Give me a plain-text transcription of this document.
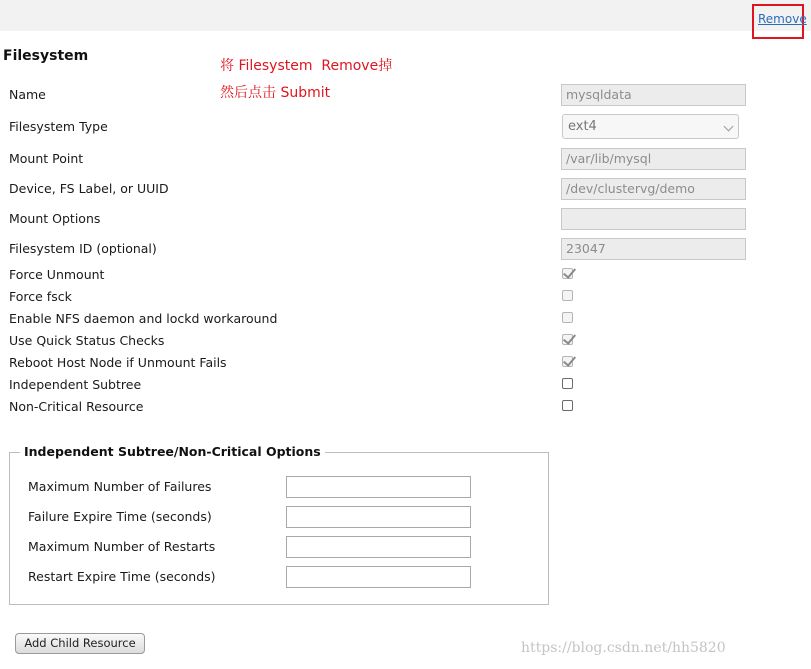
Remove
Filesystem
将 Filesystem  Remove掉
然后点击 Submit
Name	mysqldata
Filesystem Type	ext4
Mount Point	/var/lib/mysql
Device, FS Label, or UUID	/dev/clustervg/demo
Mount Options
Filesystem ID (optional)	23047
Force Unmount
Force fsck
Enable NFS daemon and lockd workaround
Use Quick Status Checks
Reboot Host Node if Unmount Fails
Independent Subtree
Non-Critical Resource
Independent Subtree/Non-Critical Options
Maximum Number of Failures
Failure Expire Time (seconds)
Maximum Number of Restarts
Restart Expire Time (seconds)
Add Child Resource	https://blog.csdn.net/hh5820
